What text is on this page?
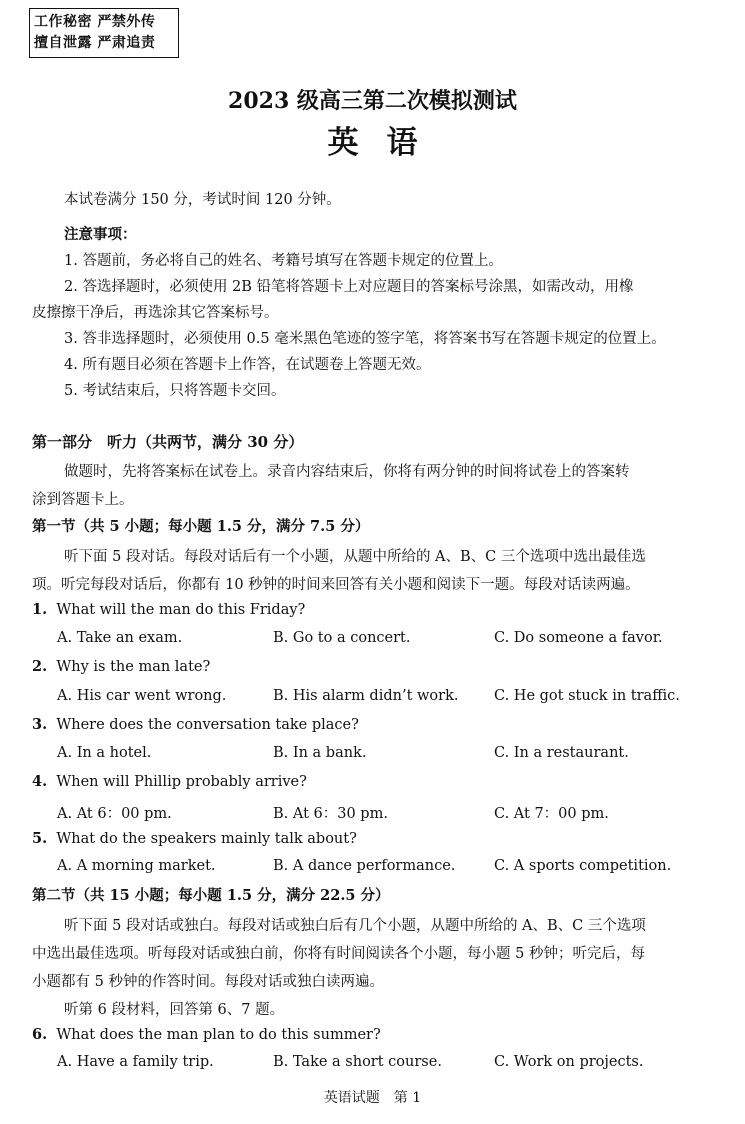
工作秘密 严禁外传
擅自泄露 严肃追责
2023 级高三第二次模拟测试
英语
本试卷满分 150 分，考试时间 120 分钟。
注意事项：
1. 答题前，务必将自己的姓名、考籍号填写在答题卡规定的位置上。
2. 答选择题时，必须使用 2B 铅笔将答题卡上对应题目的答案标号涂黑，如需改动，用橡
皮擦擦干净后，再选涂其它答案标号。
3. 答非选择题时，必须使用 0.5 毫米黑色笔迹的签字笔，将答案书写在答题卡规定的位置上。
4. 所有题目必须在答题卡上作答，在试题卷上答题无效。
5. 考试结束后，只将答题卡交回。
第一部分　听力（共两节，满分 30 分）
做题时，先将答案标在试卷上。录音内容结束后，你将有两分钟的时间将试卷上的答案转
涂到答题卡上。
第一节（共 5 小题；每小题 1.5 分，满分 7.5 分）
听下面 5 段对话。每段对话后有一个小题，从题中所给的 A、B、C 三个选项中选出最佳选
项。听完每段对话后，你都有 10 秒钟的时间来回答有关小题和阅读下一题。每段对话读两遍。
1. What will the man do this Friday?
A. Take an exam.	B. Go to a concert.	C. Do someone a favor.
2. Why is the man late?
A. His car went wrong.	B. His alarm didn’t work. C. He got stuck in traffic.
3. Where does the conversation take place?
A. In a hotel.	B. In a bank.	C. In a restaurant.
4. When will Phillip probably arrive?
A. At 6：00 pm.	B. At 6：30 pm.	C. At 7：00 pm.
5. What do the speakers mainly talk about?
A. A morning market.	B. A dance performance.	C. A sports competition.
第二节（共 15 小题；每小题 1.5 分，满分 22.5 分）
听下面 5 段对话或独白。每段对话或独白后有几个小题，从题中所给的 A、B、C 三个选项
中选出最佳选项。听每段对话或独白前，你将有时间阅读各个小题，每小题 5 秒钟；听完后，每
小题都有 5 秒钟的作答时间。每段对话或独白读两遍。
听第 6 段材料，回答第 6、7 题。
6. What does the man plan to do this summer?
A. Have a family trip.	B. Take a short course.	C. Work on projects.
英语试题　第 1
